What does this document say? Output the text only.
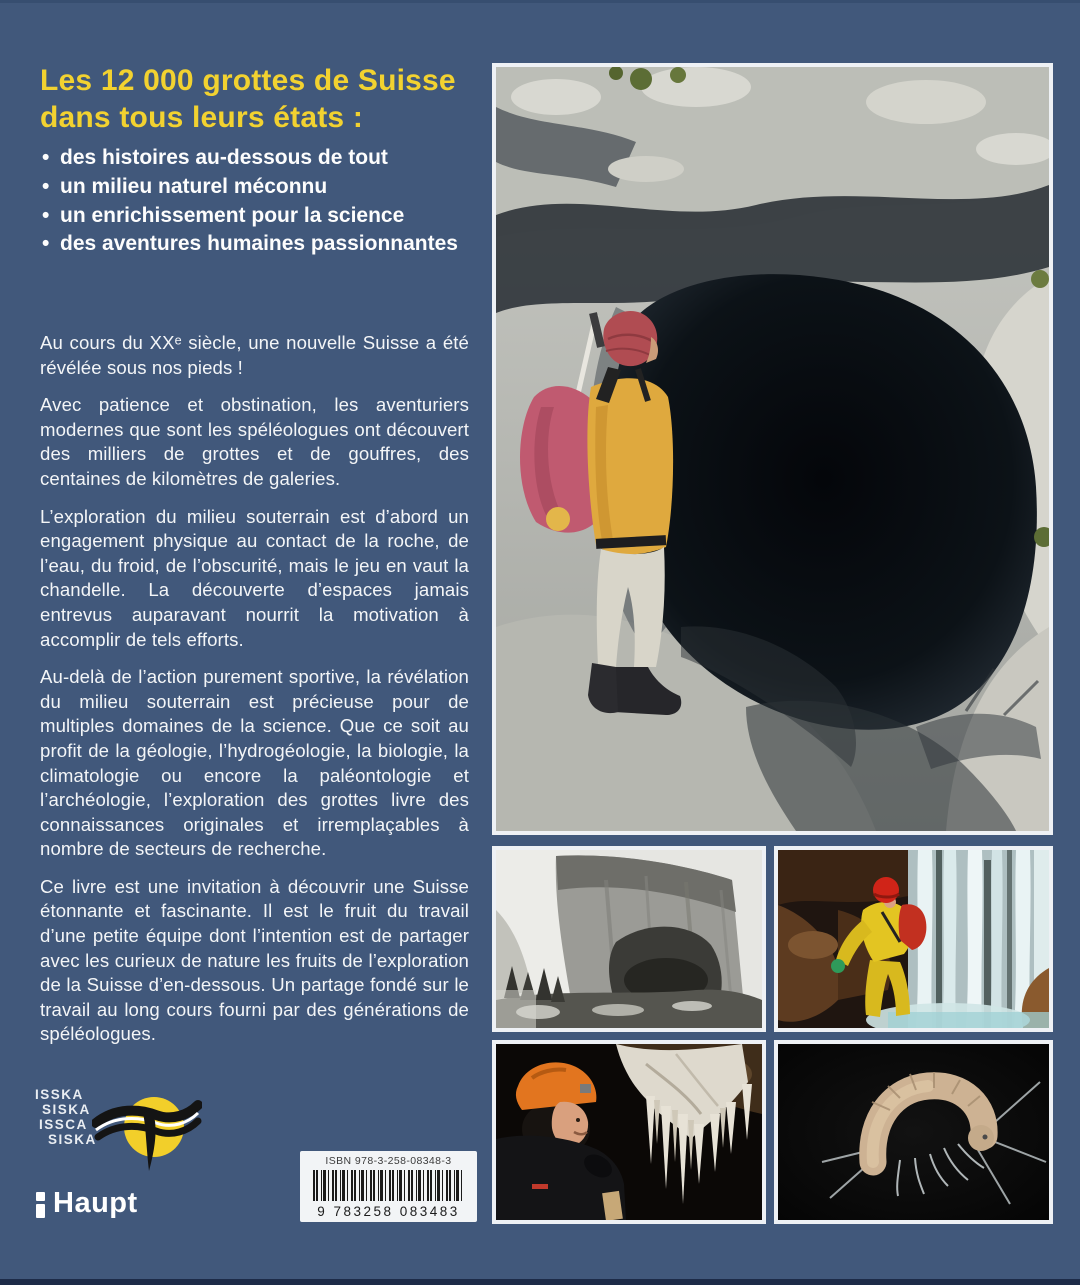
Les 12 000 grottes de Suisse
dans tous leurs états :
• des histoires au-dessous de tout
• un milieu naturel méconnu
• un enrichissement pour la science
• des aventures humaines passionnantes

Au cours du XXᵉ siècle, une nouvelle Suisse a été révélée sous nos pieds !

Avec patience et obstination, les aventuriers modernes que sont les spéléologues ont découvert des milliers de grottes et de gouffres, des centaines de kilomètres de galeries.

L’exploration du milieu souterrain est d’abord un engagement physique au contact de la roche, de l’eau, du froid, de l’obscurité, mais le jeu en vaut la chandelle. La découverte d’espaces jamais entrevus auparavant nourrit la motivation à accomplir de tels efforts.

Au-delà de l’action purement sportive, la révélation du milieu souterrain est précieuse pour de multiples domaines de la science. Que ce soit au profit de la géologie, l’hydrogéologie, la biologie, la climatologie ou encore la paléontologie et l’archéologie, l’exploration des grottes livre des connaissances originales et irremplaçables à nombre de secteurs de recherche.

Ce livre est une invitation à découvrir une Suisse étonnante et fascinante. Il est le fruit du travail d’une petite équipe dont l’intention est de partager avec les curieux de nature les fruits de l’exploration de la Suisse d’en-dessous. Un partage fondé sur le travail au long cours fourni par des générations de spéléologues.

ISSKA
SISKA
ISSCA
SISKA
ISBN 978-3-258-08348-3
9 783258 083483
Haupt
